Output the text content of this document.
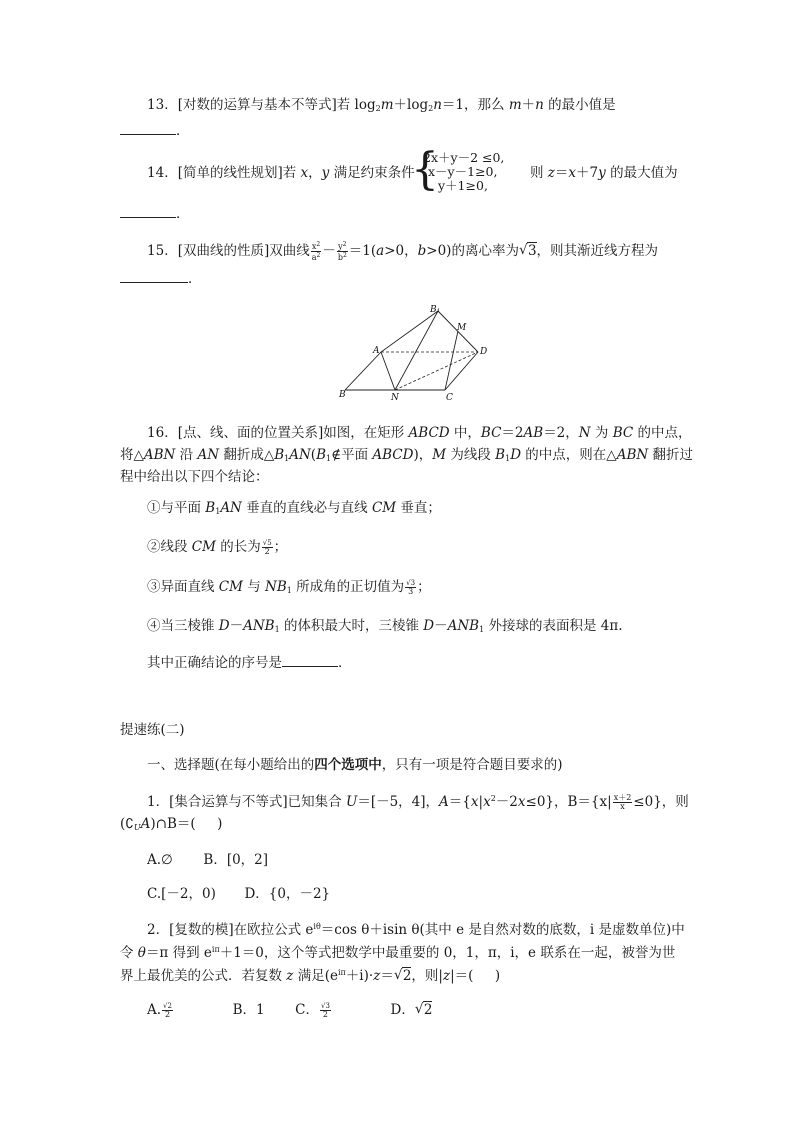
13．[对数的运算与基本不等式]若 $\log_2m+\log_2n=1$，那么 m＋n 的最小值是
．
14．[简单的线性规划]若 x，y 满足约束条件
{
2x＋y－2 ≤0,
x－y－1≥0,
y＋1≥0,
则 z＝x＋7y 的最大值为
．
15．[双曲线的性质]双曲线 $\frac{x^2}{a^2} - \frac{y^2}{b^2} =1(a>0$，b>0)的离心率为√ 3，则其渐近线方程为
．
B₁
M
A	D
B	N	C
16．[点、线、面的位置关系]如图，在矩形 ABCD 中，BC＝2AB＝2，N 为 BC 的中点，
将△ABN 沿 AN 翻折成$\triangle B_1AN(B_1\notin$平面 ABCD)，M 为线段 $B_1D$ 的中点，则在△ABN 翻折过
程中给出以下四个结论：
①与平面 $B_1AN$ 垂直的直线必与直线 CM 垂直；
②线段 CM 的长为 $\frac{√5}{2}$ ；
③异面直线 CM 与 $NB_1$ 所成角的正切值为 $\frac{√3}{3}$ ；
④当三棱锥 $D-ANB_1$ 的体积最大时，三棱锥 $D-ANB_1$ 外接球的表面积是 4π.
其中正确结论的序号是	．
提速练(二)
一、选择题(在每小题给出的四个选项中，只有一项是符合题目要求的)
1．[集合运算与不等式]已知集合 U＝[－5，4]，$A=\{x|x^2-2x\le 0\}$，$B=\{x| \frac{x+2}{x} \le 0\}$，则
$(∁_UA)\cap B=$(     )
A.∅ B．[0，2]
C.[－2，0) D．{0，－2}
2．[复数的模]在欧拉公式 $e^{i\theta}=\cos$ θ＋isin θ(其中 e 是自然对数的底数，i 是虚数单位)中
令 θ＝π 得到 $e^{i\pi}+1=0$，这个等式把数学中最重要的 0，1，π，i，e 联系在一起，被誉为世
界上最优美的公式．若复数 z 满足$(e^{i\pi}+i)\cdot z=√$ 2，则|z|＝(     )
A. $\frac{√2}{2}$	B．1 C． $\frac{√3}{2}$	D．√ 2
